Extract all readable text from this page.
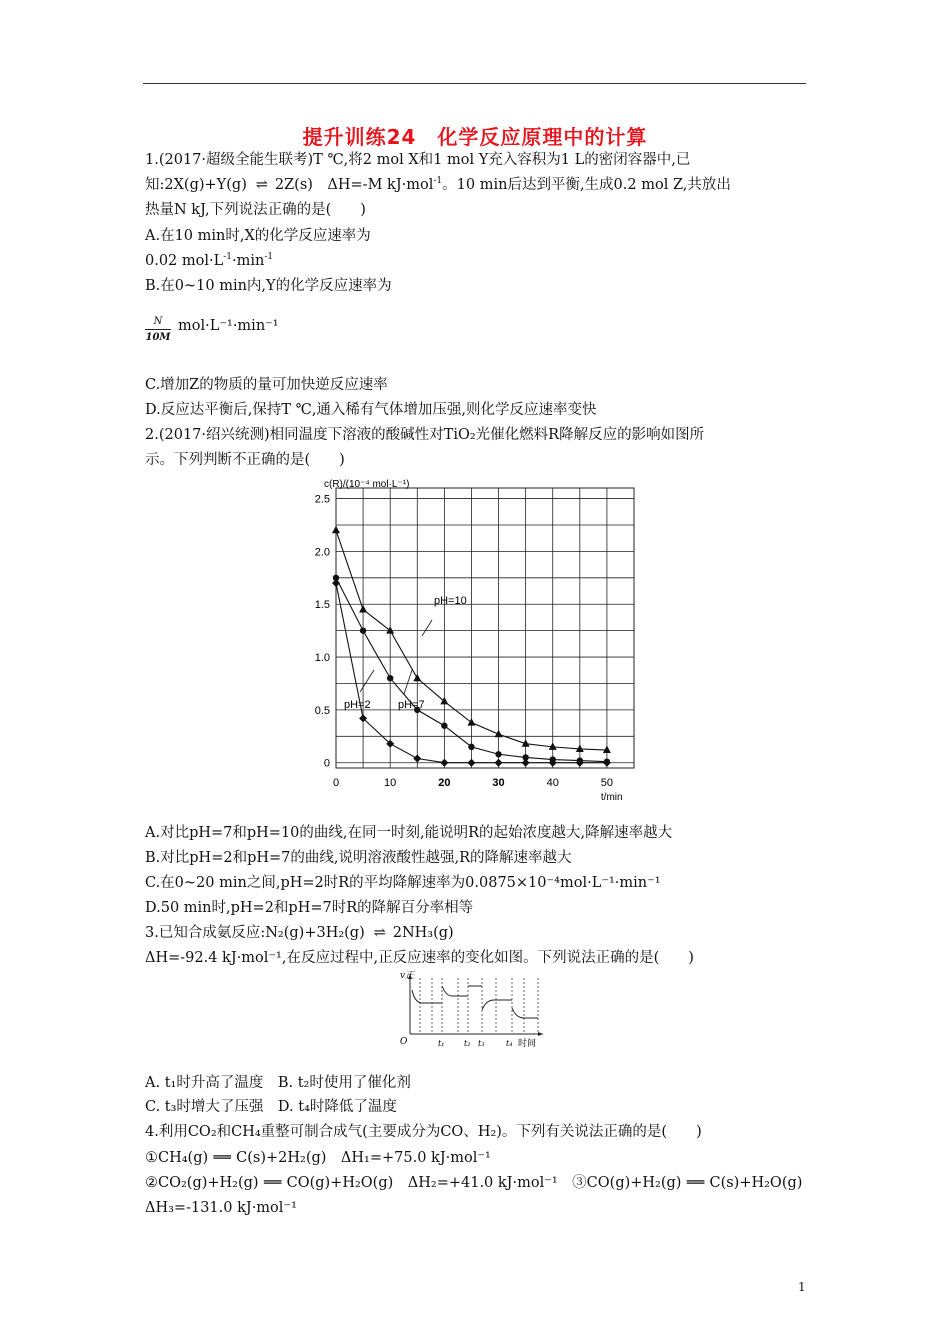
提升训练24　化学反应原理中的计算
1.(2017·超级全能生联考)T ℃,将2 mol X和1 mol Y充入容积为1 L的密闭容器中,已
知:2X(g)+Y(g) ⇌ 2Z(s)　ΔH=-M kJ·mol$^{-1}$。10 min后达到平衡,生成0.2 mol Z,共放出
热量N kJ,下列说法正确的是(　　)
A.在10 min时,X的化学反应速率为
0.02 $mol\cdot L^{-1}\cdot\min^{-1}$
B.在0~10 min内,Y的化学反应速率为
N
10M
mol·L⁻¹·min⁻¹
C.增加Z的物质的量可加快逆反应速率
D.反应达平衡后,保持T ℃,通入稀有气体增加压强,则化学反应速率变快
2.(2017·绍兴统测)相同温度下溶液的酸碱性对TiO₂光催化燃料R降解反应的影响如图所
示。下列判断不正确的是(　　)
0
0.5
1.0
1.5
2.0
2.5
0	10	20	30	40	50
c(R)/(10⁻⁴ mol·L⁻¹)
t/min
pH=10
pH=2 pH=7
A.对比pH=7和pH=10的曲线,在同一时刻,能说明R的起始浓度越大,降解速率越大
B.对比pH=2和pH=7的曲线,说明溶液酸性越强,R的降解速率越大
C.在0~20 min之间,pH=2时R的平均降解速率为0.0875×10⁻⁴mol·L⁻¹·min⁻¹
D.50 min时,pH=2和pH=7时R的降解百分率相等
3.已知合成氨反应:N₂(g)+3H₂(g) ⇌ 2NH₃(g)
ΔH=-92.4 kJ·mol⁻¹,在反应过程中,正反应速率的变化如图。下列说法正确的是(　　)
v正
O	t₁ t₂ t₃	t₄ 时间
A. t₁时升高了温度　B. t₂时使用了催化剂
C. t₃时增大了压强　D. t₄时降低了温度
4.利用CO₂和CH₄重整可制合成气(主要成分为CO、H₂)。下列有关说法正确的是(　　)
①CH₄(g) ══ C(s)+2H₂(g)　ΔH₁=+75.0 kJ·mol⁻¹
②CO₂(g)+H₂(g) ══ CO(g)+H₂O(g)　ΔH₂=+41.0 kJ·mol⁻¹　③CO(g)+H₂(g) ══ C(s)+H₂O(g)
ΔH₃=-131.0 kJ·mol⁻¹
1
